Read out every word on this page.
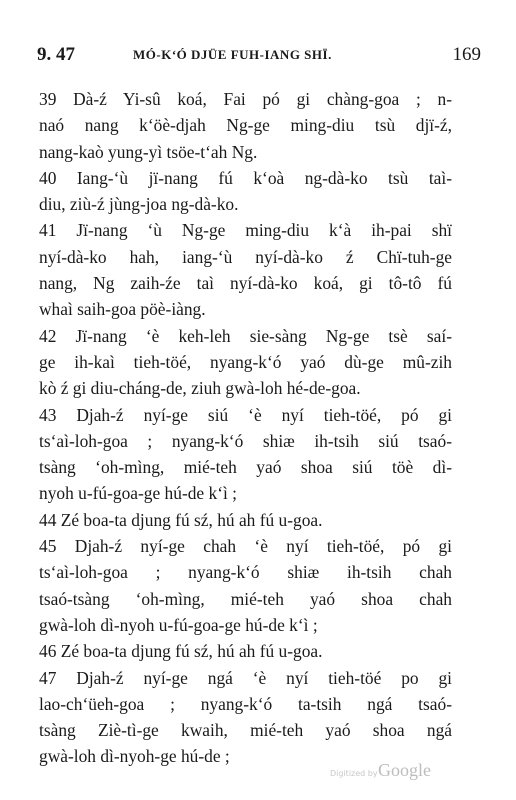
9. 47	MÓ-K‘Ó DJÜE FUH-IANG SHÏ.	169
39 Dà-ź Yi-sû koá, Fai pó gi chàng-goa ; n-
naó nang k‘öè-djah Ng-ge ming-diu tsù djï-ź,
nang-kaò yung-yì tsöe-t‘ah Ng.
40 Iang-‘ù jï-nang fú k‘oà ng-dà-ko tsù taì-
diu, ziù-ź jùng-joa ng-dà-ko.
41 Jï-nang ‘ù Ng-ge ming-diu k‘à ih-pai shï
nyí-dà-ko hah, iang-‘ù nyí-dà-ko ź Chï-tuh-ge
nang, Ng zaih-źe taì nyí-dà-ko koá, gi tô-tô fú
whaì saih-goa pöè-iàng.
42 Jï-nang ‘è keh-leh sie-sàng Ng-ge tsè saí-
ge ih-kaì tieh-töé, nyang-k‘ó yaó dù-ge mû-zih
kò ź gi diu-cháng-de, ziuh gwà-loh hé-de-goa.
43 Djah-ź nyí-ge siú ‘è nyí tieh-töé, pó gi
ts‘aì-loh-goa ; nyang-k‘ó shiæ ih-tsih siú tsaó-
tsàng ‘oh-mìng, mié-teh yaó shoa siú töè dì-
nyoh u-fú-goa-ge hú-de k‘ì ;
44 Zé boa-ta djung fú sź, hú ah fú u-goa.
45 Djah-ź nyí-ge chah ‘è nyí tieh-töé, pó gi
ts‘aì-loh-goa ; nyang-k‘ó shiæ ih-tsih chah
tsaó-tsàng ‘oh-mìng, mié-teh yaó shoa chah
gwà-loh dì-nyoh u-fú-goa-ge hú-de k‘ì ;
46 Zé boa-ta djung fú sź, hú ah fú u-goa.
47 Djah-ź nyí-ge ngá ‘è nyí tieh-töé po gi
lao-ch‘üeh-goa ; nyang-k‘ó ta-tsih ngá tsaó-
tsàng Ziè-tì-ge kwaih, mié-teh yaó shoa ngá
gwà-loh dì-nyoh-ge hú-de ;
Digitized by Google
